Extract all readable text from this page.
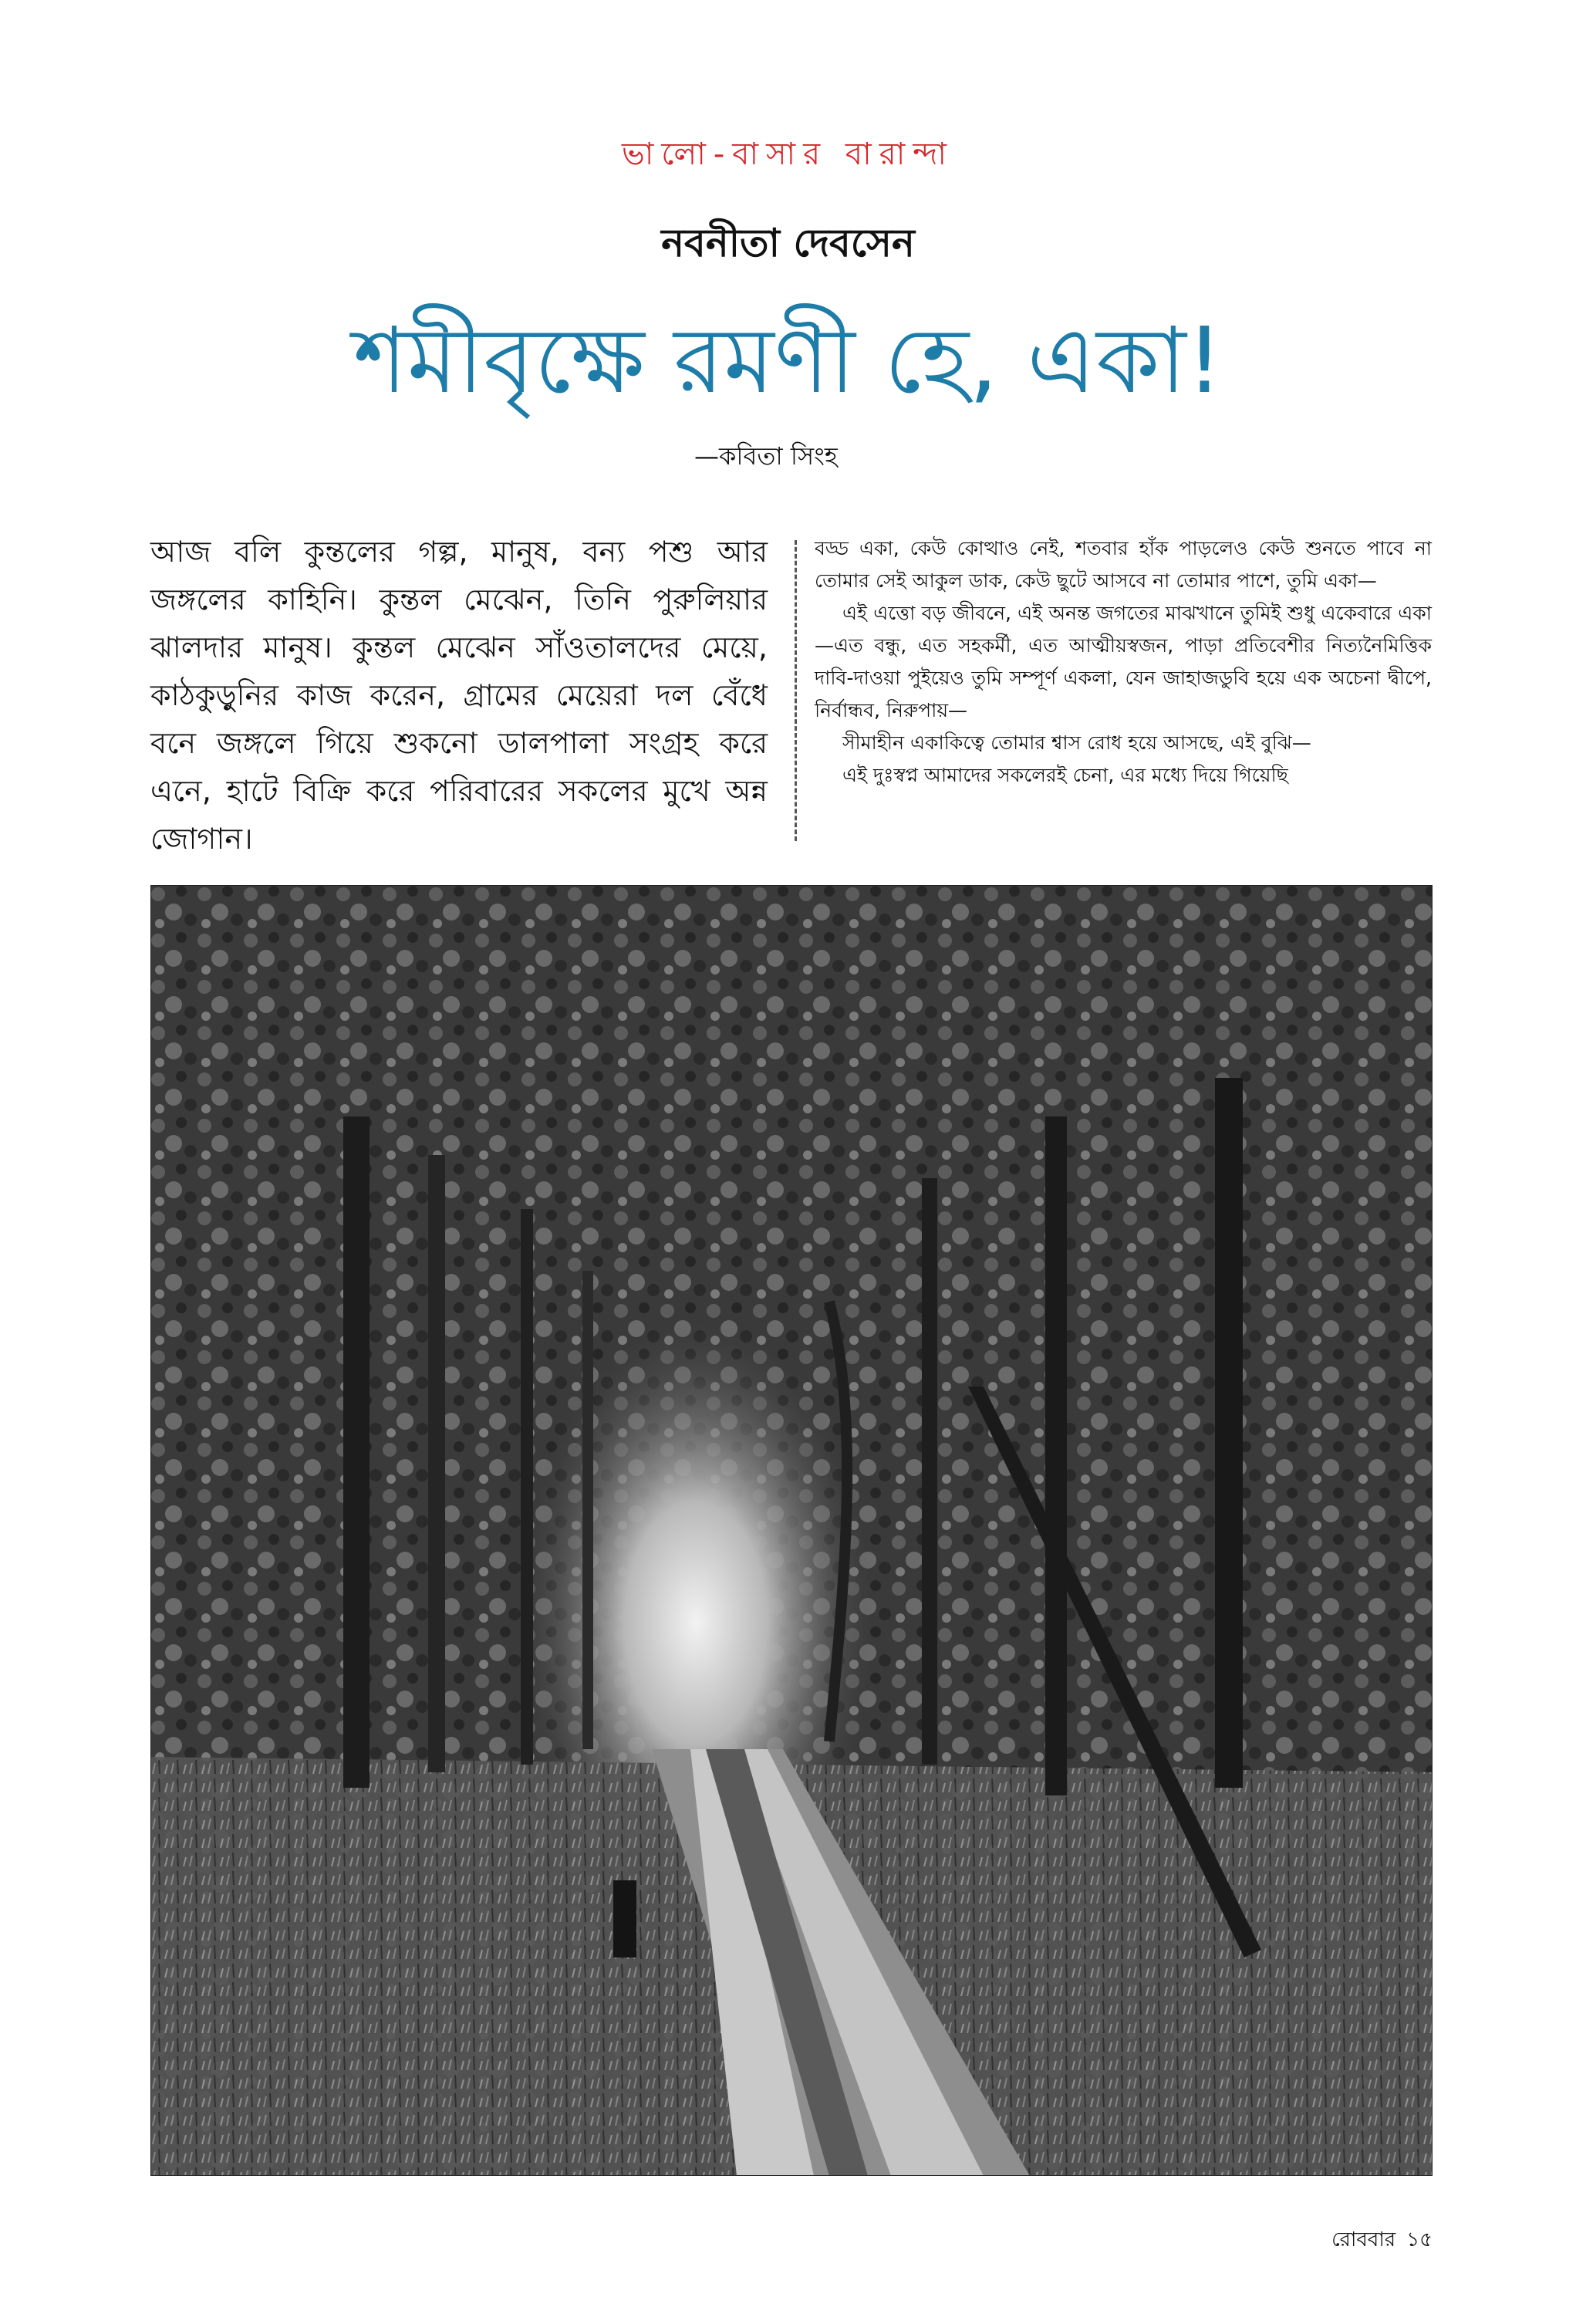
ভালো-বাসার বারান্দা
নবনীতা দেবসেন
শমীবৃক্ষে রমণী হে, একা!
—কবিতা সিংহ
আজ বলি কুন্তলের গল্প, মানুষ, বন্য পশু আর জঙ্গলের কাহিনি। কুন্তল মেঝেন, তিনি পুরুলিয়ার ঝালদার মানুষ। কুন্তল মেঝেন সাঁওতালদের মেয়ে, কাঠকুড়ুনির কাজ করেন, গ্রামের মেয়েরা দল বেঁধে বনে জঙ্গলে গিয়ে শুকনো ডালপালা সংগ্রহ করে এনে, হাটে বিক্রি করে পরিবারের সকলের মুখে অন্ন জোগান।

বড্ড একা, কেউ কোত্থাও নেই, শতবার হাঁক পাড়লেও কেউ শুনতে পাবে না তোমার সেই আকুল ডাক, কেউ ছুটে আসবে না তোমার পাশে, তুমি একা—

এই এত্তো বড় জীবনে, এই অনন্ত জগতের মাঝখানে তুমিই শুধু একেবারে একা—এত বন্ধু, এত সহকর্মী, এত আত্মীয়স্বজন, পাড়া প্রতিবেশীর নিত্যনৈমিত্তিক দাবি-দাওয়া পুইয়েও তুমি সম্পূর্ণ একলা, যেন জাহাজডুবি হয়ে এক অচেনা দ্বীপে, নির্বান্ধব, নিরুপায়—

সীমাহীন একাকিত্বে তোমার শ্বাস রোধ হয়ে আসছে, এই বুঝি—

এই দুঃস্বপ্ন আমাদের সকলেরই চেনা, এর মধ্যে দিয়ে গিয়েছি

রোববার ১৫
